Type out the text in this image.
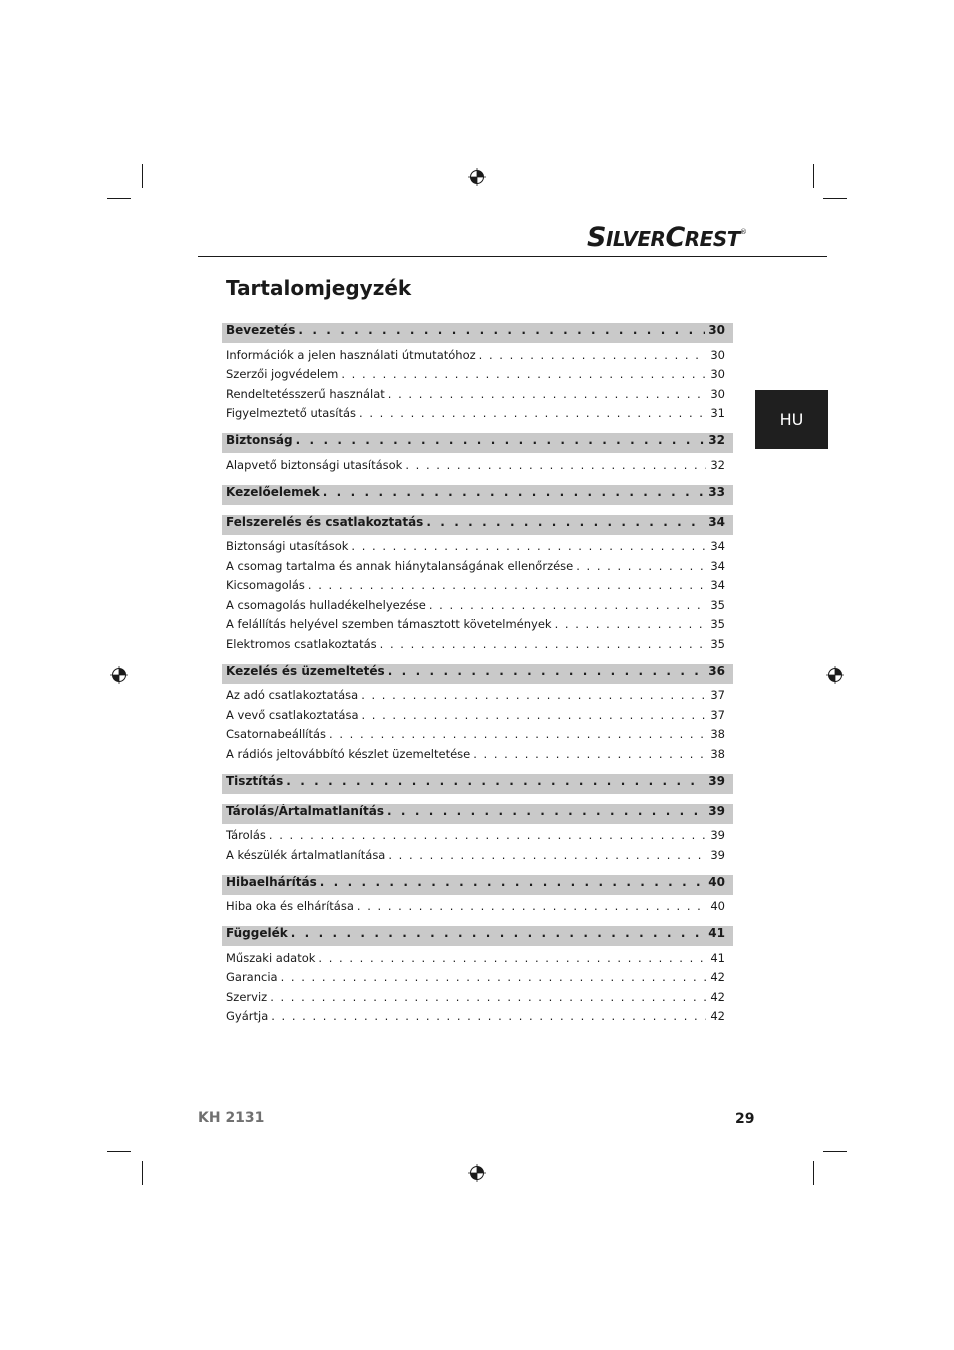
SILVERCREST®
Tartalomjegyzék
HU
Bevezetés . . .	30
Információk a jelen használati útmutatóhoz . . .	30
Szerzői jogvédelem . . .	30
Rendeltetésszerű használat . . .	30
Figyelmeztető utasítás . . .	31
Biztonság . . .	32
Alapvető biztonsági utasítások . . .	32
Kezelőelemek . . .	33
Felszerelés és csatlakoztatás . . .	34
Biztonsági utasítások . . .	34
A csomag tartalma és annak hiánytalanságának ellenőrzése . . .	34
Kicsomagolás . . .	34
A csomagolás hulladékelhelyezése . . .	35
A felállítás helyével szemben támasztott követelmények . . .	35
Elektromos csatlakoztatás . . .	35
Kezelés és üzemeltetés . . .	36
Az adó csatlakoztatása . . .	37
A vevő csatlakoztatása . . .	37
Csatornabeállítás . . .	38
A rádiós jeltovábbító készlet üzemeltetése . . .	38
Tisztítás . . .	39
Tárolás/Ártalmatlanítás . . .	39
Tárolás . . .	39
A készülék ártalmatlanítása . . .	39
Hibaelhárítás . . .	40
Hiba oka és elhárítása . . .	40
Függelék . . .	41
Műszaki adatok . . .	41
Garancia . . .	42
Szerviz . . .	42
Gyártja . . .	42
KH 2131	29
